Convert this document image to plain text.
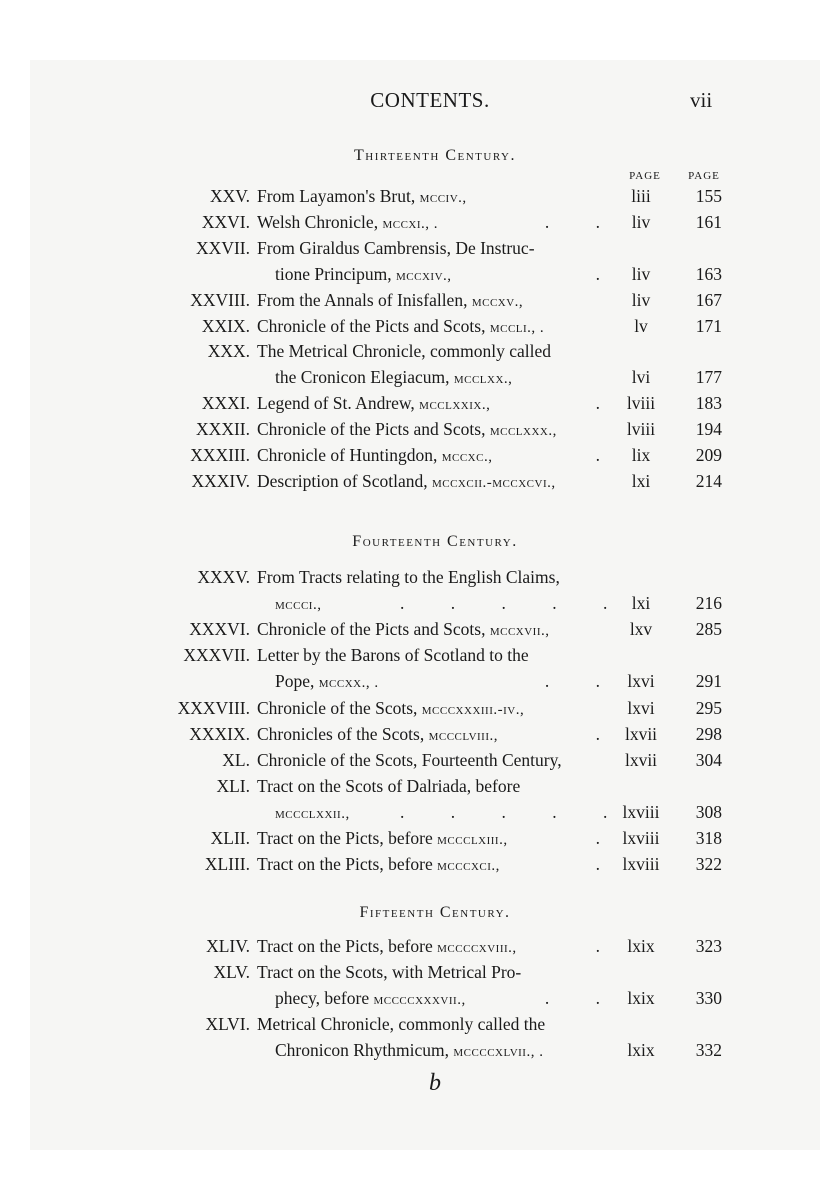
CONTENTS.	vii
PAGE	PAGE
Thirteenth Century.
XXV. From Layamon's Brut, mcciv.,	liii	155
XXVI. Welsh Chronicle, mccxi., .	. .	liv	161
XXVII. From Giraldus Cambrensis, De Instruc-
tione Principum, mccxiv.,	.	liv	163
XXVIII. From the Annals of Inisfallen, mccxv.,	liv	167
XXIX. Chronicle of the Picts and Scots, mccli., .	lv	171
XXX. The Metrical Chronicle, commonly called
the Cronicon Elegiacum, mcclxx.,	lvi	177
XXXI. Legend of St. Andrew, mcclxxix.,	.	lviii	183
XXXII. Chronicle of the Picts and Scots, mcclxxx.,	lviii	194
XXXIII. Chronicle of Huntingdon, mccxc.,	.	lix	209
XXXIV. Description of Scotland, mccxcii.-mccxcvi.,	lxi	214
Fourteenth Century.
XXXV. From Tracts relating to the English Claims,
mccci.,	. . . . .	lxi	216
XXXVI. Chronicle of the Picts and Scots, mccxvii.,	lxv	285
XXXVII. Letter by the Barons of Scotland to the
Pope, mccxx., .	. .	lxvi	291
XXXVIII. Chronicle of the Scots, mcccxxxiii.-iv.,	lxvi	295
XXXIX. Chronicles of the Scots, mccclviii.,	.	lxvii	298
XL. Chronicle of the Scots, Fourteenth Century,	lxvii	304
XLI. Tract on the Scots of Dalriada, before
mccclxxii.,	. . . . . lxviii	308
XLII. Tract on the Picts, before mccclxiii.,	.	lxviii	318
XLIII. Tract on the Picts, before mcccxci.,	.	lxviii	322
Fifteenth Century.
XLIV. Tract on the Picts, before mccccxviii.,	.	lxix	323
XLV. Tract on the Scots, with Metrical Pro-
phecy, before mccccxxxvii.,	. .	lxix	330
XLVI. Metrical Chronicle, commonly called the
Chronicon Rhythmicum, mccccxlvii., .	lxix	332
b
